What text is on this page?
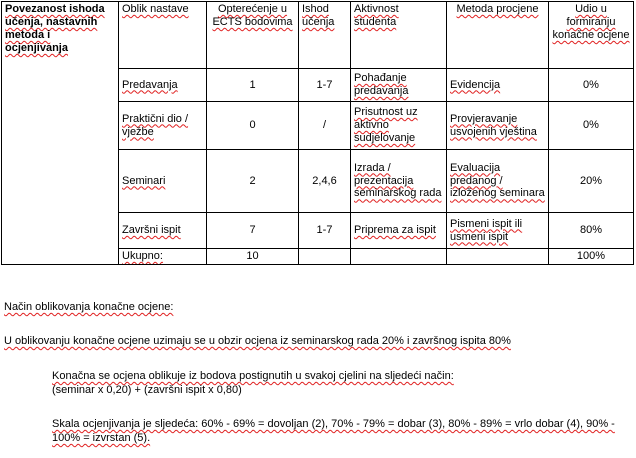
Povezanost ishoda učenja, nastavnih metoda i ocjenjivanja	Oblik nastave	Opterećenje u ECTS bodovima	Ishod učenja	Aktivnost studenta	Metoda procjene	Udio u formiranju konačne ocjene
	Predavanja	1	1-7	Pohađanje predavanja	Evidencija	0%
	Praktični dio / vježbe	0	/	Prisutnost uz aktivno sudjelovanje	Provjeravanje usvojenih vještina	0%
	Seminari	2	2,4,6	Izrada / prezentacija seminarskog rada	Evaluacija predanog / izloženog seminara	20%
	Završni ispit	7	1-7	Priprema za ispit	Pismeni ispit ili usmeni ispit	80%
	Ukupno:	10				100%

Način oblikovanja konačne ocjene:

U oblikovanju konačne ocjene uzimaju se u obzir ocjena iz seminarskog rada 20% i završnog ispita 80%

Konačna se ocjena oblikuje iz bodova postignutih u svakoj cjelini na sljedeći način:

(seminar x 0,20) + (završni ispit x 0,80)

Skala ocjenjivanja je sljedeća: 60% - 69% = dovoljan (2), 70% - 79% = dobar (3), 80% - 89% = vrlo dobar (4), 90% -

100% = izvrstan (5).
